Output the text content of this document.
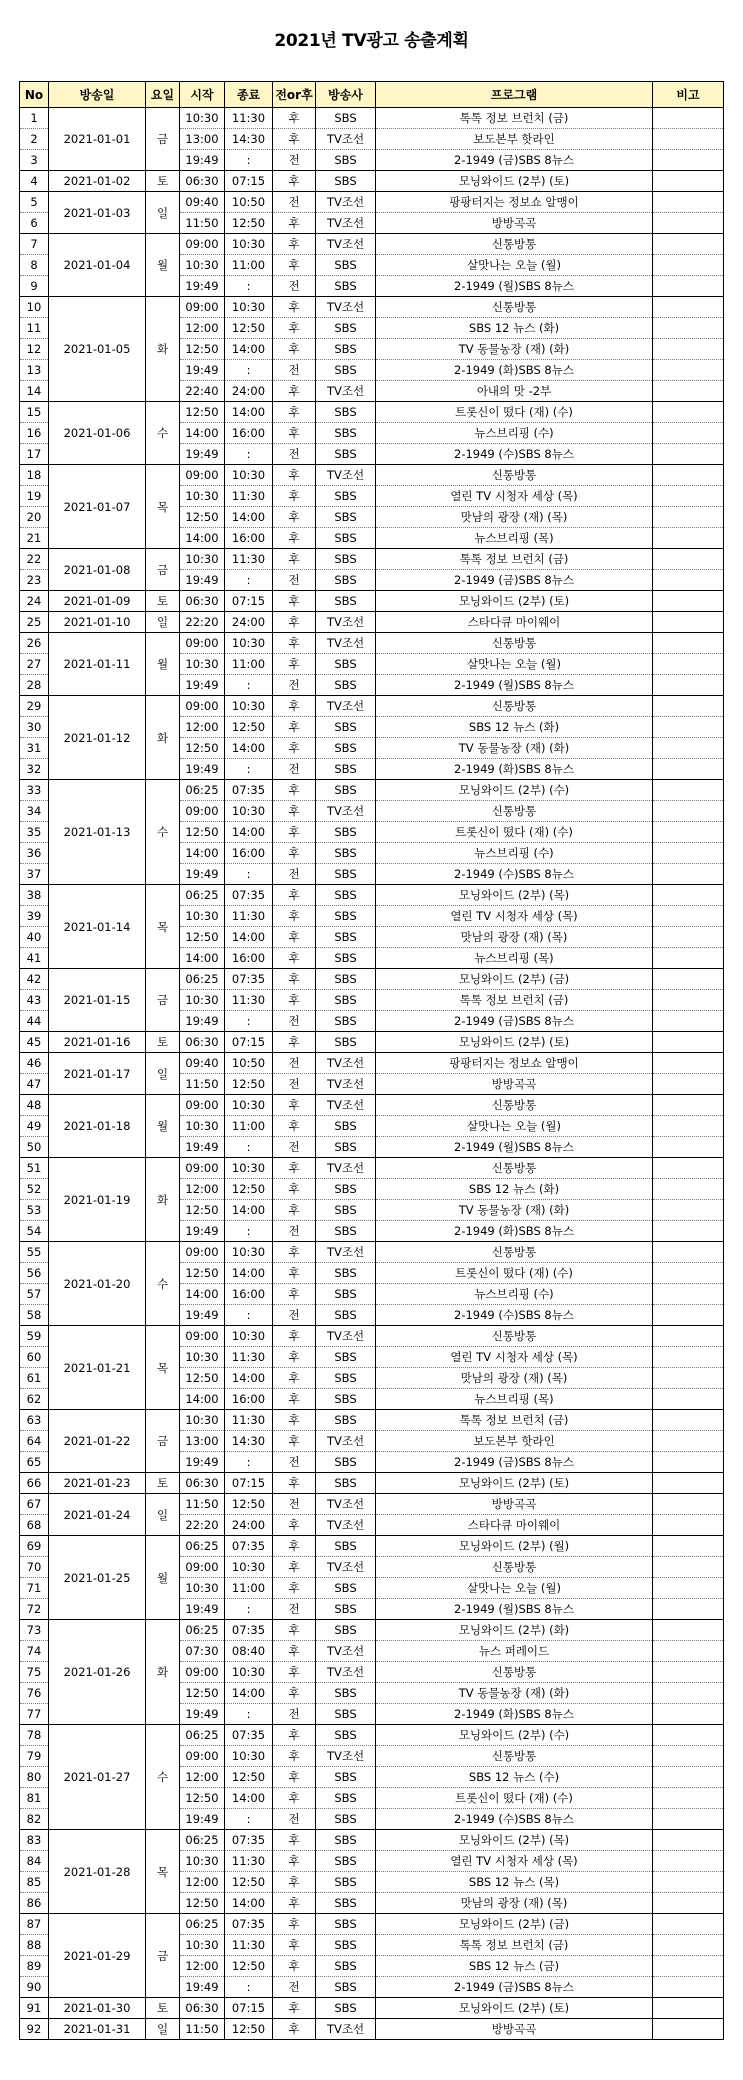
2021년 TV광고 송출계획
No	방송일	요일	시작	종료	전or후	방송사	프로그램	비고
1	2021-01-01	금	10:30	11:30	후	SBS	톡톡 정보 브런치 (금)	
2			13:00	14:30	후	TV조선	보도본부 핫라인	
3			19:49	:	전	SBS	2-1949 (금)SBS 8뉴스	
4	2021-01-02	토	06:30	07:15	후	SBS	모닝와이드 (2부) (토)	
5	2021-01-03	일	09:40	10:50	전	TV조선	팡팡터지는 정보쇼 알맹이	
6			11:50	12:50	후	TV조선	방방곡곡	
7	2021-01-04	월	09:00	10:30	후	TV조선	신통방통	
8			10:30	11:00	후	SBS	살맛나는 오늘 (월)	
9			19:49	:	전	SBS	2-1949 (월)SBS 8뉴스	
10	2021-01-05	화	09:00	10:30	후	TV조선	신통방통	
11			12:00	12:50	후	SBS	SBS 12 뉴스 (화)	
12			12:50	14:00	후	SBS	TV 동물농장 (재) (화)	
13			19:49	:	전	SBS	2-1949 (화)SBS 8뉴스	
14			22:40	24:00	후	TV조선	아내의 맛 -2부	
15	2021-01-06	수	12:50	14:00	후	SBS	트롯신이 떴다 (재) (수)	
16			14:00	16:00	후	SBS	뉴스브리핑 (수)	
17			19:49	:	전	SBS	2-1949 (수)SBS 8뉴스	
18	2021-01-07	목	09:00	10:30	후	TV조선	신통방통	
19			10:30	11:30	후	SBS	열린 TV 시청자 세상 (목)	
20			12:50	14:00	후	SBS	맛남의 광장 (재) (목)	
21			14:00	16:00	후	SBS	뉴스브리핑 (목)	
22	2021-01-08	금	10:30	11:30	후	SBS	톡톡 정보 브런치 (금)	
23			19:49	:	전	SBS	2-1949 (금)SBS 8뉴스	
24	2021-01-09	토	06:30	07:15	후	SBS	모닝와이드 (2부) (토)	
25	2021-01-10	일	22:20	24:00	후	TV조선	스타다큐 마이웨이	
26	2021-01-11	월	09:00	10:30	후	TV조선	신통방통	
27			10:30	11:00	후	SBS	살맛나는 오늘 (월)	
28			19:49	:	전	SBS	2-1949 (월)SBS 8뉴스	
29	2021-01-12	화	09:00	10:30	후	TV조선	신통방통	
30			12:00	12:50	후	SBS	SBS 12 뉴스 (화)	
31			12:50	14:00	후	SBS	TV 동물농장 (재) (화)	
32			19:49	:	전	SBS	2-1949 (화)SBS 8뉴스	
33	2021-01-13	수	06:25	07:35	후	SBS	모닝와이드 (2부) (수)	
34			09:00	10:30	후	TV조선	신통방통	
35			12:50	14:00	후	SBS	트롯신이 떴다 (재) (수)	
36			14:00	16:00	후	SBS	뉴스브리핑 (수)	
37			19:49	:	전	SBS	2-1949 (수)SBS 8뉴스	
38	2021-01-14	목	06:25	07:35	후	SBS	모닝와이드 (2부) (목)	
39			10:30	11:30	후	SBS	열린 TV 시청자 세상 (목)	
40			12:50	14:00	후	SBS	맛남의 광장 (재) (목)	
41			14:00	16:00	후	SBS	뉴스브리핑 (목)	
42	2021-01-15	금	06:25	07:35	후	SBS	모닝와이드 (2부) (금)	
43			10:30	11:30	후	SBS	톡톡 정보 브런치 (금)	
44			19:49	:	전	SBS	2-1949 (금)SBS 8뉴스	
45	2021-01-16	토	06:30	07:15	후	SBS	모닝와이드 (2부) (토)	
46	2021-01-17	일	09:40	10:50	전	TV조선	팡팡터지는 정보쇼 알맹이	
47			11:50	12:50	전	TV조선	방방곡곡	
48	2021-01-18	월	09:00	10:30	후	TV조선	신통방통	
49			10:30	11:00	후	SBS	살맛나는 오늘 (월)	
50			19:49	:	전	SBS	2-1949 (월)SBS 8뉴스	
51	2021-01-19	화	09:00	10:30	후	TV조선	신통방통	
52			12:00	12:50	후	SBS	SBS 12 뉴스 (화)	
53			12:50	14:00	후	SBS	TV 동물농장 (재) (화)	
54			19:49	:	전	SBS	2-1949 (화)SBS 8뉴스	
55	2021-01-20	수	09:00	10:30	후	TV조선	신통방통	
56			12:50	14:00	후	SBS	트롯신이 떴다 (재) (수)	
57			14:00	16:00	후	SBS	뉴스브리핑 (수)	
58			19:49	:	전	SBS	2-1949 (수)SBS 8뉴스	
59	2021-01-21	목	09:00	10:30	후	TV조선	신통방통	
60			10:30	11:30	후	SBS	열린 TV 시청자 세상 (목)	
61			12:50	14:00	후	SBS	맛남의 광장 (재) (목)	
62			14:00	16:00	후	SBS	뉴스브리핑 (목)	
63	2021-01-22	금	10:30	11:30	후	SBS	톡톡 정보 브런치 (금)	
64			13:00	14:30	후	TV조선	보도본부 핫라인	
65			19:49	:	전	SBS	2-1949 (금)SBS 8뉴스	
66	2021-01-23	토	06:30	07:15	후	SBS	모닝와이드 (2부) (토)	
67	2021-01-24	일	11:50	12:50	전	TV조선	방방곡곡	
68			22:20	24:00	후	TV조선	스타다큐 마이웨이	
69	2021-01-25	월	06:25	07:35	후	SBS	모닝와이드 (2부) (월)	
70			09:00	10:30	후	TV조선	신통방통	
71			10:30	11:00	후	SBS	살맛나는 오늘 (월)	
72			19:49	:	전	SBS	2-1949 (월)SBS 8뉴스	
73	2021-01-26	화	06:25	07:35	후	SBS	모닝와이드 (2부) (화)	
74			07:30	08:40	후	TV조선	뉴스 퍼레이드	
75			09:00	10:30	후	TV조선	신통방통	
76			12:50	14:00	후	SBS	TV 동물농장 (재) (화)	
77			19:49	:	전	SBS	2-1949 (화)SBS 8뉴스	
78	2021-01-27	수	06:25	07:35	후	SBS	모닝와이드 (2부) (수)	
79			09:00	10:30	후	TV조선	신통방통	
80			12:00	12:50	후	SBS	SBS 12 뉴스 (수)	
81			12:50	14:00	후	SBS	트롯신이 떴다 (재) (수)	
82			19:49	:	전	SBS	2-1949 (수)SBS 8뉴스	
83	2021-01-28	목	06:25	07:35	후	SBS	모닝와이드 (2부) (목)	
84			10:30	11:30	후	SBS	열린 TV 시청자 세상 (목)	
85			12:00	12:50	후	SBS	SBS 12 뉴스 (목)	
86			12:50	14:00	후	SBS	맛남의 광장 (재) (목)	
87	2021-01-29	금	06:25	07:35	후	SBS	모닝와이드 (2부) (금)	
88			10:30	11:30	후	SBS	톡톡 정보 브런치 (금)	
89			12:00	12:50	후	SBS	SBS 12 뉴스 (금)	
90			19:49	:	전	SBS	2-1949 (금)SBS 8뉴스	
91	2021-01-30	토	06:30	07:15	후	SBS	모닝와이드 (2부) (토)	
92	2021-01-31	일	11:50	12:50	후	TV조선	방방곡곡	
